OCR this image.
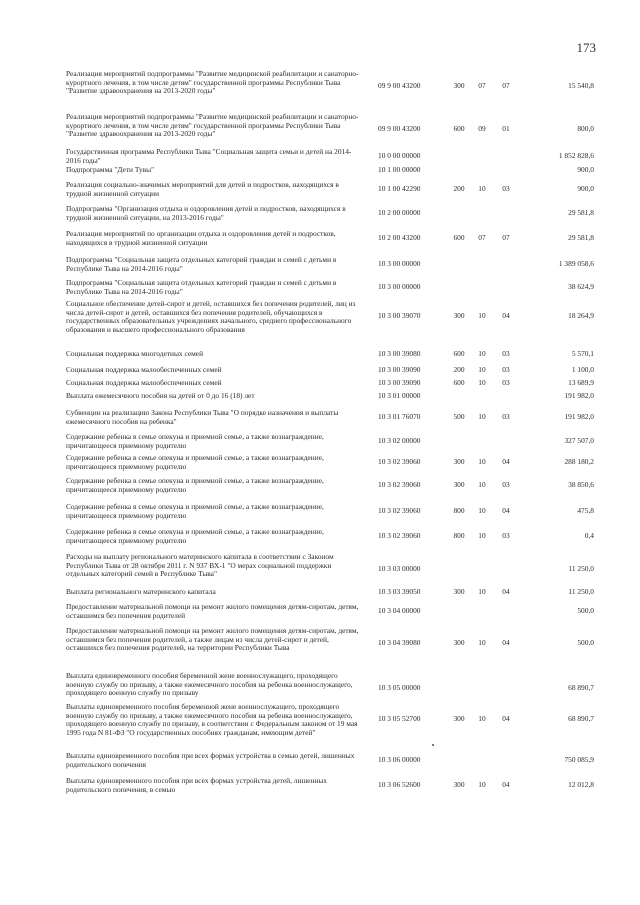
173
Реализация мероприятий подпрограммы "Развитие медицинской реабилитации и санаторно-курортного лечения, в том числе детям" государственной программы Республики Тыва "Развитие здравоохранения на 2013-2020 годы"
09 9 00 43200	300	07	07	15 540,8
Реализация мероприятий подпрограммы "Развитие медицинской реабилитации и санаторно-курортного лечения, в том числе детям" государственной программы Республики Тыва "Развитие здравоохранения на 2013-2020 годы"
09 9 00 43200	600	09	01	800,0
Государственная программа Республики Тыва "Социальная защита семьи и детей на 2014-2016 годы"
10 0 00 00000	1 852 828,6
Подпрограмма "Дети Тувы"	10 1 00 00000	900,0
Реализация социально-значимых мероприятий для детей и подростков, находящихся в трудной жизненной ситуации
10 1 00 42290	200	10	03	900,0
Подпрограмма "Организация отдыха и оздоровления детей и подростков, находящихся в трудной жизненной ситуации, на 2013-2016 годы"
10 2 00 00000	29 581,8
Реализация мероприятий по организации отдыха и оздоровления детей и подростков, находящихся в трудной жизненной ситуации
10 2 00 43200	600	07	07	29 581,8
Подпрограмма "Социальная защита отдельных категорий граждан и семей с детьми в Республике Тыва на 2014-2016 годы"
10 3 00 00000	1 389 058,6
Подпрограмма "Социальная защита отдельных категорий граждан и семей с детьми в Республике Тыва на 2014-2016 годы"
10 3 00 00000	38 624,9
Социальное обеспечение детей-сирот и детей, оставшихся без попечения родителей, лиц из числа детей-сирот и детей, оставшихся без попечения родителей, обучающихся в государственных образовательных учреждениях начального, среднего профессионального образования и высшего профессионального образования
10 3 00 39070	300	10	04	18 264,9
Социальная поддержка многодетных семей	10 3 00 39080	600	10	03	5 570,1
Социальная поддержка малообеспеченных семей	10 3 00 39090	200	10	03	1 100,0
Социальная поддержка малообеспеченных семей	10 3 00 39090	600	10	03	13 689,9
Выплата ежемесячного пособия на детей от 0 до 16 (18) лет	10 3 01 00000	191 982,0
Субвенции на реализацию Закона Республики Тыва "О порядке назначения и выплаты ежемесячного пособия на ребенка"
10 3 01 76070	500	10	03	191 982,0
Содержание ребенка в семье опекуна и приемной семье, а также вознаграждение, причитающееся приемному родителю
10 3 02 00000	327 507,0
Содержание ребенка в семье опекуна и приемной семье, а также вознаграждение, причитающееся приемному родителю
10 3 02 39060	300	10	04	288 180,2
Содержание ребенка в семье опекуна и приемной семье, а также вознаграждение, причитающееся приемному родителю
10 3 02 39060	300	10	03	38 850,6
Содержание ребенка в семье опекуна и приемной семье, а также вознаграждение, причитающееся приемному родителю
10 3 02 39060	800	10	04	475,8
Содержание ребенка в семье опекуна и приемной семье, а также вознаграждение, причитающееся приемному родителю
10 3 02 39060	800	10	03	0,4
Расходы на выплату регионального материнского капитала в соответствии с Законом Республики Тыва от 28 октября 2011 г. N 937 ВХ-1 "О мерах социальной поддержки отдельных категорий семей в Республике Тыва"
10 3 03 00000	11 250,0
Выплата регионального материнского капитала	10 3 03 39050	300	10	04	11 250,0
Предоставление материальной помощи на ремонт жилого помещения детям-сиротам, детям, оставшимся без попечения родителей
10 3 04 00000	500,0
Предоставление материальной помощи на ремонт жилого помещения детям-сиротам, детям, оставшимся без попечения родителей, а также лицам из числа детей-сирот и детей, оставшихся без попечения родителей, на территории Республики Тыва
10 3 04 39080	300	10	04	500,0
Выплата единовременного пособия беременной жене военнослужащего, проходящего военную службу по призыву, а также ежемесячного пособия на ребенка военнослужащего, проходящего военную службу по призыву
10 3 05 00000	68 890,7
Выплаты единовременного пособия беременной жене военнослужащего, проходящего военную службу по призыву, а также ежемесячного пособия на ребенка военнослужащего, проходящего военную службу по призыву, в соответствии с Федеральным законом от 19 мая 1995 года N 81-ФЗ "О государственных пособиях гражданам, имеющим детей"
10 3 05 52700	300	10	04	68 890,7
Выплаты единовременного пособия при всех формах устройства в семью детей, лишенных родительского попечения
10 3 06 00000	750 085,9
Выплаты единовременного пособия при всех формах устройства детей, лишенных родительского попечения, в семью
10 3 06 52600	300	10	04	12 012,8
